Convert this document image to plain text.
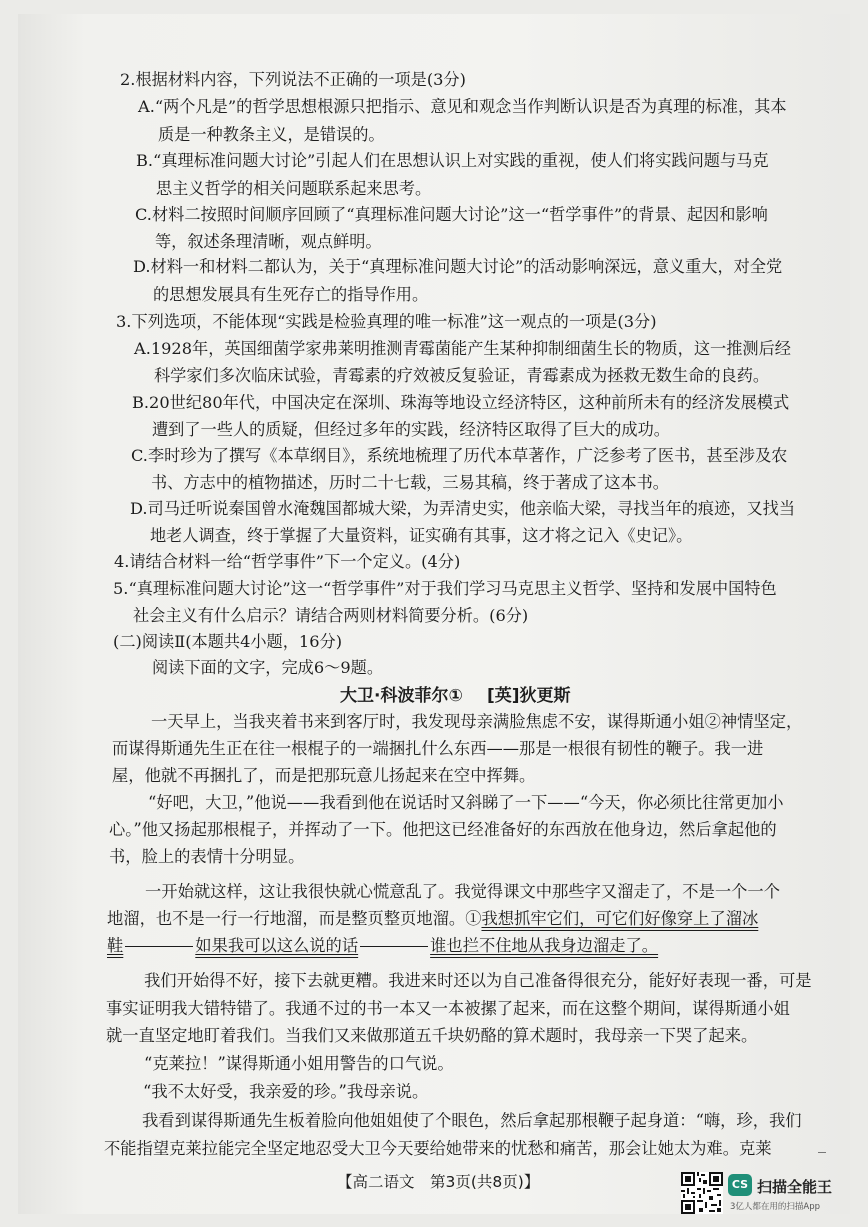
2.根据材料内容，下列说法不正确的一项是(3分)
A.“两个凡是”的哲学思想根源只把指示、意见和观念当作判断认识是否为真理的标准，其本
质是一种教条主义，是错误的。
B.“真理标准问题大讨论”引起人们在思想认识上对实践的重视，使人们将实践问题与马克
思主义哲学的相关问题联系起来思考。
C.材料二按照时间顺序回顾了“真理标准问题大讨论”这一“哲学事件”的背景、起因和影响
等，叙述条理清晰，观点鲜明。
D.材料一和材料二都认为，关于“真理标准问题大讨论”的活动影响深远，意义重大，对全党
的思想发展具有生死存亡的指导作用。
3.下列选项，不能体现“实践是检验真理的唯一标准”这一观点的一项是(3分)
A.1928年，英国细菌学家弗莱明推测青霉菌能产生某种抑制细菌生长的物质，这一推测后经
科学家们多次临床试验，青霉素的疗效被反复验证，青霉素成为拯救无数生命的良药。
B.20世纪80年代，中国决定在深圳、珠海等地设立经济特区，这种前所未有的经济发展模式
遭到了一些人的质疑，但经过多年的实践，经济特区取得了巨大的成功。
C.李时珍为了撰写《本草纲目》，系统地梳理了历代本草著作，广泛参考了医书，甚至涉及农
书、方志中的植物描述，历时二十七载，三易其稿，终于著成了这本书。
D.司马迁听说秦国曾水淹魏国都城大梁，为弄清史实，他亲临大梁，寻找当年的痕迹，又找当
地老人调查，终于掌握了大量资料，证实确有其事，这才将之记入《史记》。
4.请结合材料一给“哲学事件”下一个定义。(4分)
5.“真理标准问题大讨论”这一“哲学事件”对于我们学习马克思主义哲学、坚持和发展中国特色
社会主义有什么启示？请结合两则材料简要分析。(6分)
(二)阅读Ⅱ(本题共4小题，16分)
阅读下面的文字，完成6～9题。
大卫·科波菲尔① [英]狄更斯
一天早上，当我夹着书来到客厅时，我发现母亲满脸焦虑不安，谋得斯通小姐②神情坚定，
而谋得斯通先生正在往一根棍子的一端捆扎什么东西——那是一根很有韧性的鞭子。我一进
屋，他就不再捆扎了，而是把那玩意儿扬起来在空中挥舞。
“好吧，大卫，”他说——我看到他在说话时又斜睇了一下——“今天，你必须比往常更加小
心。”他又扬起那根棍子，并挥动了一下。他把这已经准备好的东西放在他身边，然后拿起他的
书，脸上的表情十分明显。
一开始就这样，这让我很快就心慌意乱了。我觉得课文中那些字又溜走了，不是一个一个
地溜，也不是一行一行地溜，而是整页整页地溜。①我想抓牢它们，可它们好像穿上了溜冰
鞋	如果我可以这么说的话	谁也拦不住地从我身边溜走了。
我们开始得不好，接下去就更糟。我进来时还以为自己准备得很充分，能好好表现一番，可是
事实证明我大错特错了。我通不过的书一本又一本被摞了起来，而在这整个期间，谋得斯通小姐
就一直坚定地盯着我们。当我们又来做那道五千块奶酪的算术题时，我母亲一下哭了起来。
“克莱拉！”谋得斯通小姐用警告的口气说。
“我不太好受，我亲爱的珍。”我母亲说。
我看到谋得斯通先生板着脸向他姐姐使了个眼色，然后拿起那根鞭子起身道：“嗨，珍，我们
不能指望克莱拉能完全坚定地忍受大卫今天要给她带来的忧愁和痛苦，那会让她太为难。克莱
【高二语文　第3页(共8页)】	CS 扫描全能王
3亿人都在用的扫描App
